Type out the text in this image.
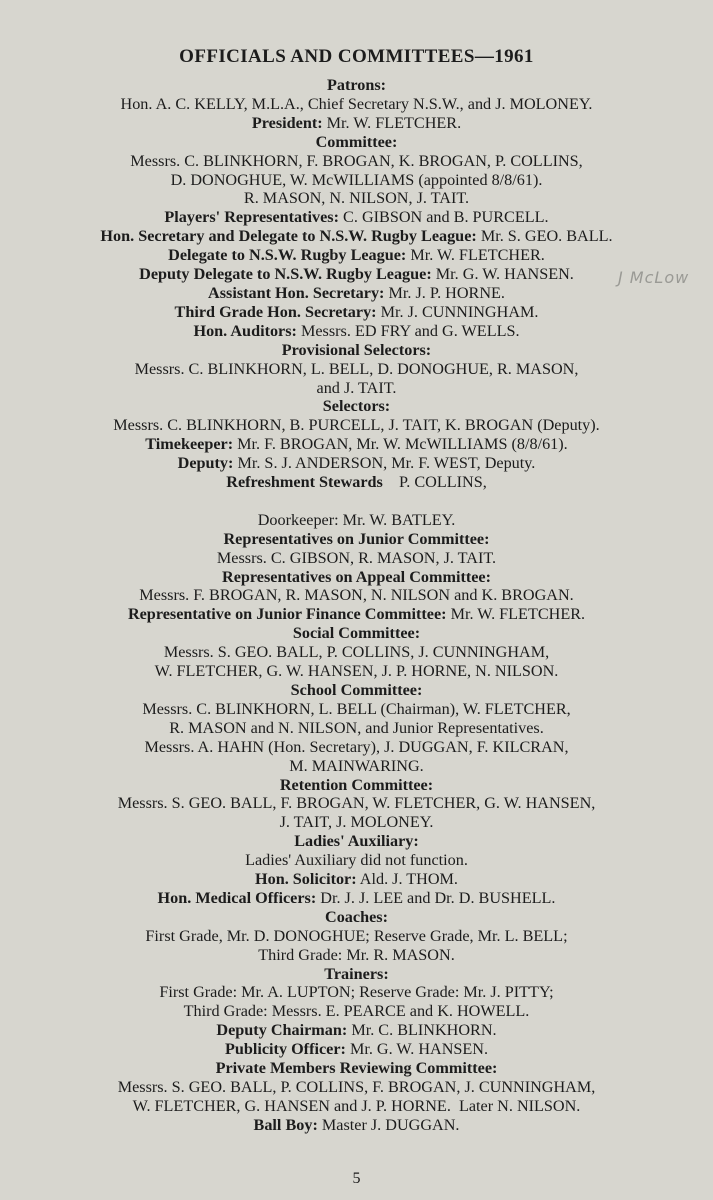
OFFICIALS AND COMMITTEES—1961
Patrons:
Hon. A. C. KELLY, M.L.A., Chief Secretary N.S.W., and J. MOLONEY.
President: Mr. W. FLETCHER.
Committee:
Messrs. C. BLINKHORN, F. BROGAN, K. BROGAN, P. COLLINS,
D. DONOGHUE, W. McWILLIAMS (appointed 8/8/61).
R. MASON, N. NILSON, J. TAIT.
Players' Representatives: C. GIBSON and B. PURCELL.
Hon. Secretary and Delegate to N.S.W. Rugby League: Mr. S. GEO. BALL.
Delegate to N.S.W. Rugby League: Mr. W. FLETCHER.
Deputy Delegate to N.S.W. Rugby League: Mr. G. W. HANSEN.
Assistant Hon. Secretary: Mr. J. P. HORNE.
Third Grade Hon. Secretary: Mr. J. CUNNINGHAM.
Hon. Auditors: Messrs. ED FRY and G. WELLS.
Provisional Selectors:
Messrs. C. BLINKHORN, L. BELL, D. DONOGHUE, R. MASON,
and J. TAIT.
Selectors:
Messrs. C. BLINKHORN, B. PURCELL, J. TAIT, K. BROGAN (Deputy).
Timekeeper: Mr. F. BROGAN, Mr. W. McWILLIAMS (8/8/61).
Deputy: Mr. S. J. ANDERSON, Mr. F. WEST, Deputy.
Refreshment Stewards    P. COLLINS,
Doorkeeper: Mr. W. BATLEY.
Representatives on Junior Committee:
Messrs. C. GIBSON, R. MASON, J. TAIT.
Representatives on Appeal Committee:
Messrs. F. BROGAN, R. MASON, N. NILSON and K. BROGAN.
Representative on Junior Finance Committee: Mr. W. FLETCHER.
Social Committee:
Messrs. S. GEO. BALL, P. COLLINS, J. CUNNINGHAM,
W. FLETCHER, G. W. HANSEN, J. P. HORNE, N. NILSON.
School Committee:
Messrs. C. BLINKHORN, L. BELL (Chairman), W. FLETCHER,
R. MASON and N. NILSON, and Junior Representatives.
Messrs. A. HAHN (Hon. Secretary), J. DUGGAN, F. KILCRAN,
M. MAINWARING.
Retention Committee:
Messrs. S. GEO. BALL, F. BROGAN, W. FLETCHER, G. W. HANSEN,
J. TAIT, J. MOLONEY.
Ladies' Auxiliary:
Ladies' Auxiliary did not function.
Hon. Solicitor: Ald. J. THOM.
Hon. Medical Officers: Dr. J. J. LEE and Dr. D. BUSHELL.
Coaches:
First Grade, Mr. D. DONOGHUE; Reserve Grade, Mr. L. BELL;
Third Grade: Mr. R. MASON.
Trainers:
First Grade: Mr. A. LUPTON; Reserve Grade: Mr. J. PITTY;
Third Grade: Messrs. E. PEARCE and K. HOWELL.
Deputy Chairman: Mr. C. BLINKHORN.
Publicity Officer: Mr. G. W. HANSEN.
Private Members Reviewing Committee:
Messrs. S. GEO. BALL, P. COLLINS, F. BROGAN, J. CUNNINGHAM,
W. FLETCHER, G. HANSEN and J. P. HORNE.  Later N. NILSON.
Ball Boy: Master J. DUGGAN.
J McLow
5
